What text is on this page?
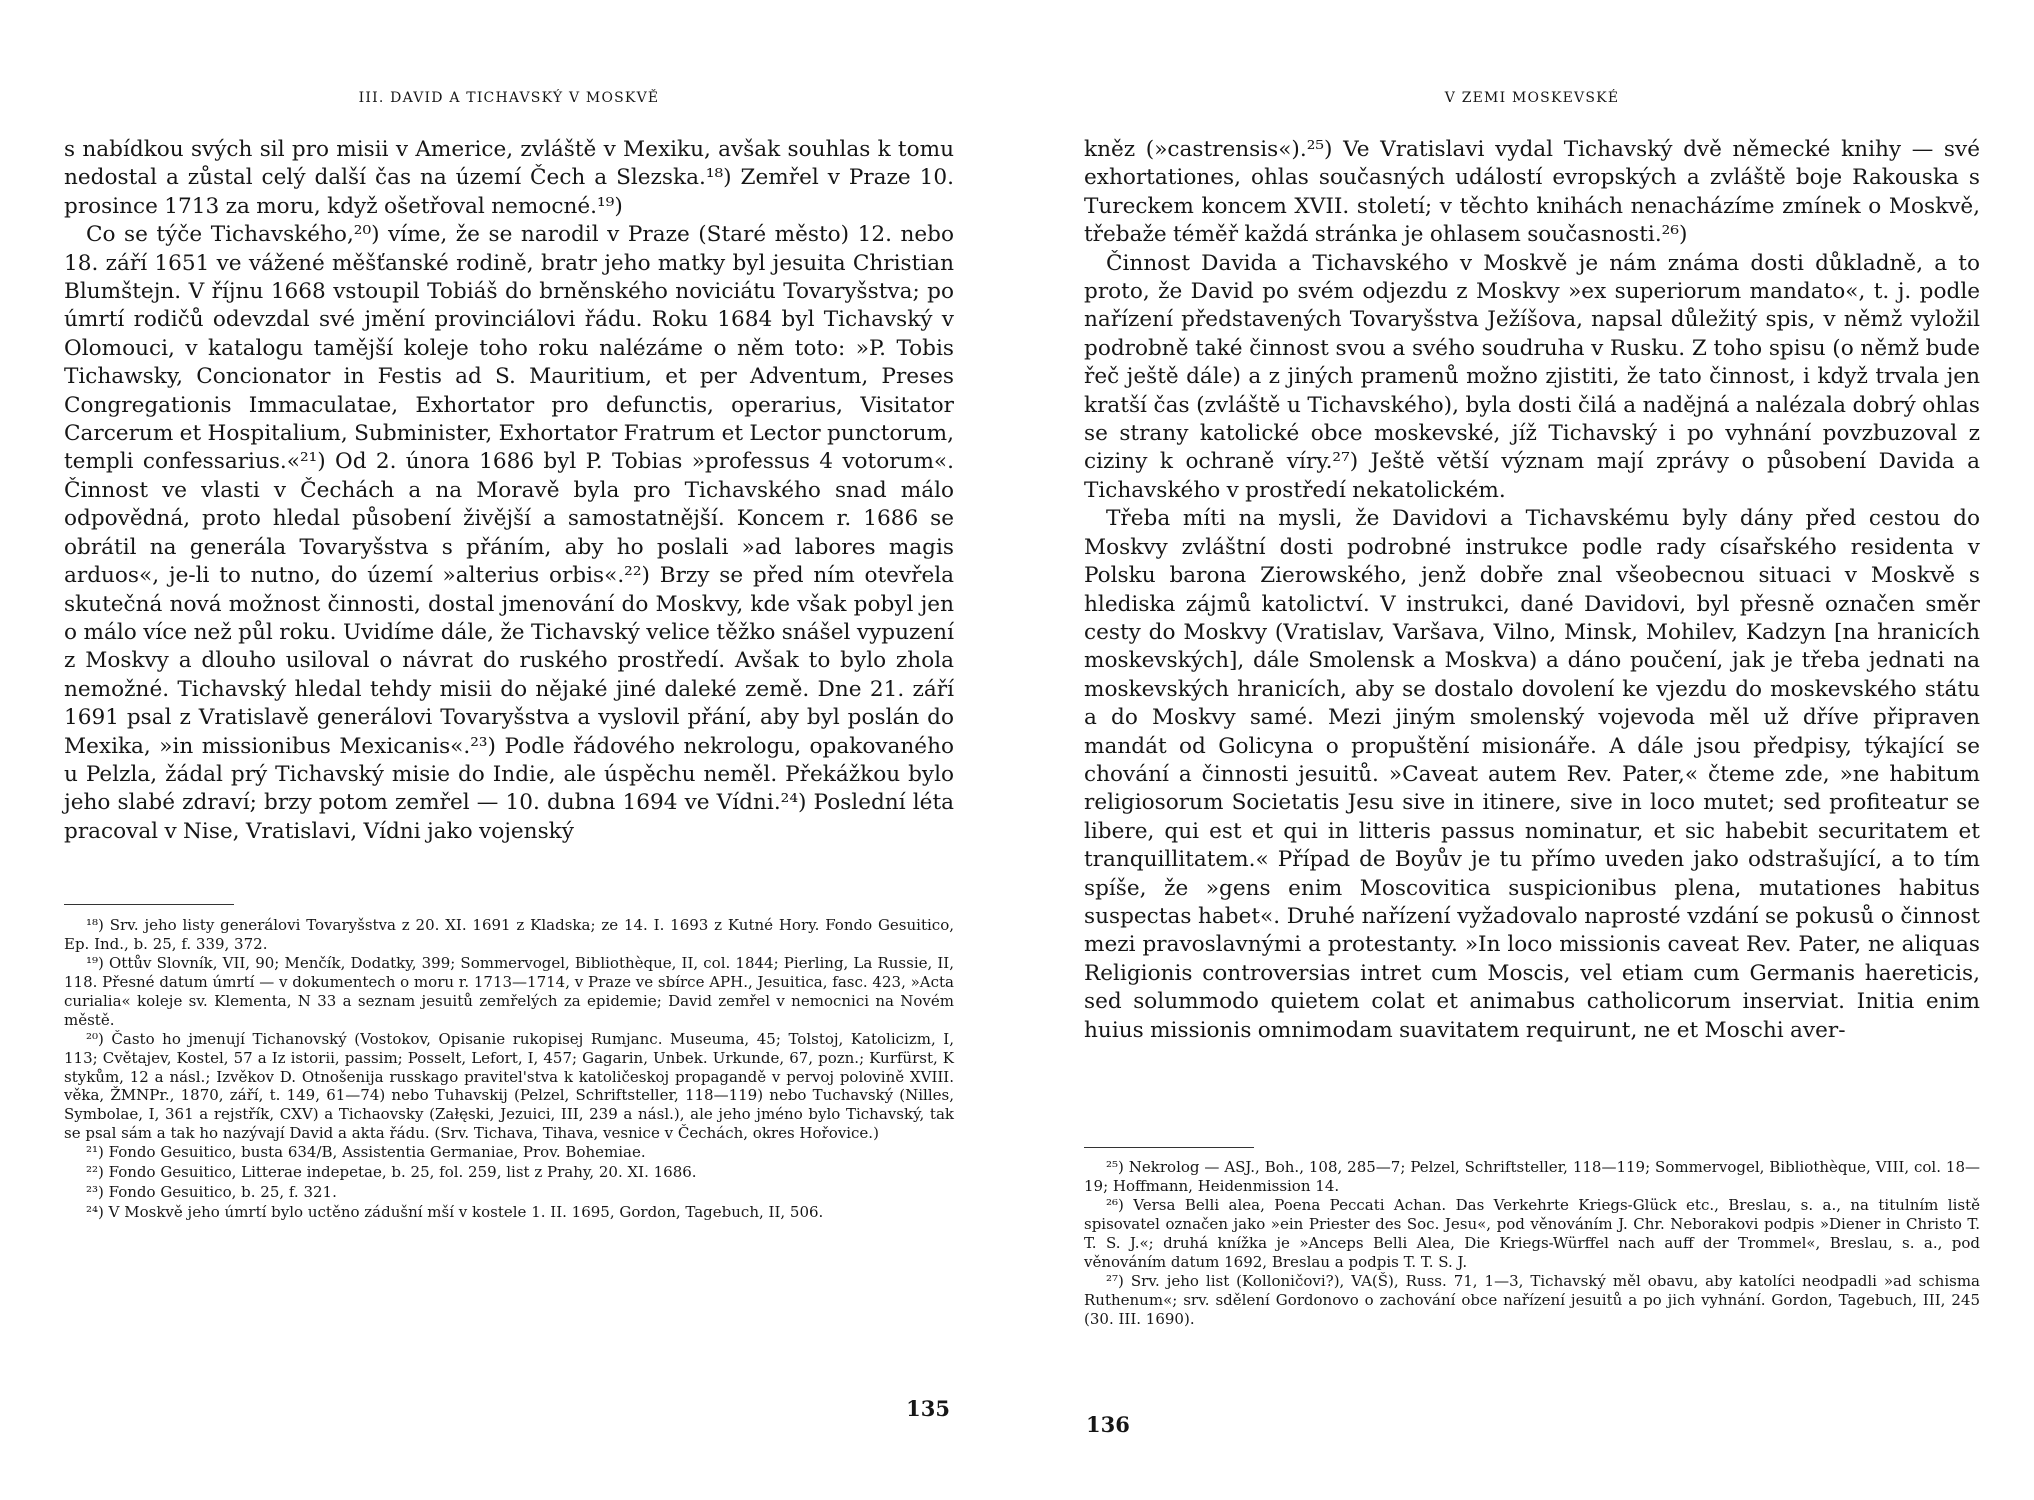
III. DAVID A TICHAVSKÝ V MOSKVĚ

s nabídkou svých sil pro misii v Americe, zvláště v Mexiku, avšak souhlas k tomu nedostal a zůstal celý další čas na území Čech a Slezska.¹⁸) Zemřel v Praze 10. prosince 1713 za moru, když ošetřoval nemocné.¹⁹)

Co se týče Tichavského,²⁰) víme, že se narodil v Praze (Staré město) 12. nebo 18. září 1651 ve vážené měšťanské rodině, bratr jeho matky byl jesuita Christian Blumštejn. V říjnu 1668 vstoupil Tobiáš do brněnského noviciátu Tovaryšstva; po úmrtí rodičů odevzdal své jmění provinciálovi řádu. Roku 1684 byl Tichavský v Olomouci, v katalogu tamější koleje toho roku nalézáme o něm toto: »P. Tobis Tichawsky, Concionator in Festis ad S. Mauritium, et per Adventum, Preses Congregationis Immaculatae, Exhortator pro defunctis, operarius, Visitator Carcerum et Hospitalium, Subminister, Exhortator Fratrum et Lector punctorum, templi confessarius.«²¹) Od 2. února 1686 byl P. Tobias »professus 4 votorum«. Činnost ve vlasti v Čechách a na Moravě byla pro Tichavského snad málo odpovědná, proto hledal působení živější a samostatnější. Koncem r. 1686 se obrátil na generála Tovaryšstva s přáním, aby ho poslali »ad labores magis arduos«, je-li to nutno, do území »alterius orbis«.²²) Brzy se před ním otevřela skutečná nová možnost činnosti, dostal jmenování do Moskvy, kde však pobyl jen o málo více než půl roku. Uvidíme dále, že Tichavský velice těžko snášel vypuzení z Moskvy a dlouho usiloval o návrat do ruského prostředí. Avšak to bylo zhola nemožné. Tichavský hledal tehdy misii do nějaké jiné daleké země. Dne 21. září 1691 psal z Vratislavě generálovi Tovaryšstva a vyslovil přání, aby byl poslán do Mexika, »in missionibus Mexicanis«.²³) Podle řádového nekrologu, opakovaného u Pelzla, žádal prý Tichavský misie do Indie, ale úspěchu neměl. Překážkou bylo jeho slabé zdraví; brzy potom zemřel — 10. dubna 1694 ve Vídni.²⁴) Poslední léta pracoval v Nise, Vratislavi, Vídni jako vojenský

¹⁸) Srv. jeho listy generálovi Tovaryšstva z 20. XI. 1691 z Kladska; ze 14. I. 1693 z Kutné Hory. Fondo Gesuitico, Ep. Ind., b. 25, f. 339, 372.

¹⁹) Ottův Slovník, VII, 90; Menčík, Dodatky, 399; Sommervogel, Bibliothèque, II, col. 1844; Pierling, La Russie, II, 118. Přesné datum úmrtí — v dokumentech o moru r. 1713—1714, v Praze ve sbírce APH., Jesuitica, fasc. 423, »Acta curialia« koleje sv. Klementa, N 33 a seznam jesuitů zemřelých za epidemie; David zemřel v nemocnici na Novém městě.

²⁰) Často ho jmenují Tichanovský (Vostokov, Opisanie rukopisej Rumjanc. Museuma, 45; Tolstoj, Katolicizm, I, 113; Cvětajev, Kostel, 57 a Iz istorii, passim; Posselt, Lefort, I, 457; Gagarin, Unbek. Urkunde, 67, pozn.; Kurfürst, K stykům, 12 a násl.; Izvěkov D. Otnošenija russkago pravitel'stva k katoličeskoj propagandě v pervoj polovině XVIII. věka, ŽMNPr., 1870, září, t. 149, 61—74) nebo Tuhavskij (Pelzel, Schriftsteller, 118—119) nebo Tuchavský (Nilles, Symbolae, I, 361 a rejstřík, CXV) a Tichaovsky (Załęski, Jezuici, III, 239 a násl.), ale jeho jméno bylo Tichavský, tak se psal sám a tak ho nazývají David a akta řádu. (Srv. Tichava, Tihava, vesnice v Čechách, okres Hořovice.)

²¹) Fondo Gesuitico, busta 634/B, Assistentia Germaniae, Prov. Bohemiae.

²²) Fondo Gesuitico, Litterae indepetae, b. 25, fol. 259, list z Prahy, 20. XI. 1686.

²³) Fondo Gesuitico, b. 25, f. 321.

²⁴) V Moskvě jeho úmrtí bylo uctěno zádušní mší v kostele 1. II. 1695, Gordon, Tagebuch, II, 506.

135
V ZEMI MOSKEVSKÉ

kněz (»castrensis«).²⁵) Ve Vratislavi vydal Tichavský dvě německé knihy — své exhortationes, ohlas současných událostí evropských a zvláště boje Rakouska s Tureckem koncem XVII. století; v těchto knihách nenacházíme zmínek o Moskvě, třebaže téměř každá stránka je ohlasem současnosti.²⁶)

Činnost Davida a Tichavského v Moskvě je nám známa dosti důkladně, a to proto, že David po svém odjezdu z Moskvy »ex superiorum mandato«, t. j. podle nařízení představených Tovaryšstva Ježíšova, napsal důležitý spis, v němž vyložil podrobně také činnost svou a svého soudruha v Rusku. Z toho spisu (o němž bude řeč ještě dále) a z jiných pramenů možno zjistiti, že tato činnost, i když trvala jen kratší čas (zvláště u Tichavského), byla dosti čilá a nadějná a nalézala dobrý ohlas se strany katolické obce moskevské, jíž Tichavský i po vyhnání povzbuzoval z ciziny k ochraně víry.²⁷) Ještě větší význam mají zprávy o působení Davida a Tichavského v prostředí nekatolickém.

Třeba míti na mysli, že Davidovi a Tichavskému byly dány před cestou do Moskvy zvláštní dosti podrobné instrukce podle rady císařského residenta v Polsku barona Zierowského, jenž dobře znal všeobecnou situaci v Moskvě s hlediska zájmů katolictví. V instrukci, dané Davidovi, byl přesně označen směr cesty do Moskvy (Vratislav, Varšava, Vilno, Minsk, Mohilev, Kadzyn [na hranicích moskevských], dále Smolensk a Moskva) a dáno poučení, jak je třeba jednati na moskevských hranicích, aby se dostalo dovolení ke vjezdu do moskevského státu a do Moskvy samé. Mezi jiným smolenský vojevoda měl už dříve připraven mandát od Golicyna o propuštění misionáře. A dále jsou předpisy, týkající se chování a činnosti jesuitů. »Caveat autem Rev. Pater,« čteme zde, »ne habitum religiosorum Societatis Jesu sive in itinere, sive in loco mutet; sed profiteatur se libere, qui est et qui in litteris passus nominatur, et sic habebit securitatem et tranquillitatem.« Případ de Boyův je tu přímo uveden jako odstrašující, a to tím spíše, že »gens enim Moscovitica suspicionibus plena, mutationes habitus suspectas habet«. Druhé nařízení vyžadovalo naprosté vzdání se pokusů o činnost mezi pravoslavnými a protestanty. »In loco missionis caveat Rev. Pater, ne aliquas Religionis controversias intret cum Moscis, vel etiam cum Germanis haereticis, sed solummodo quietem colat et animabus catholicorum inserviat. Initia enim huius missionis omnimodam suavitatem requirunt, ne et Moschi aver-

²⁵) Nekrolog — ASJ., Boh., 108, 285—7; Pelzel, Schriftsteller, 118—119; Sommervogel, Bibliothèque, VIII, col. 18—19; Hoffmann, Heidenmission 14.

²⁶) Versa Belli alea, Poena Peccati Achan. Das Verkehrte Kriegs-Glück etc., Breslau, s. a., na titulním listě spisovatel označen jako »ein Priester des Soc. Jesu«, pod věnováním J. Chr. Neborakovi podpis »Diener in Christo T. T. S. J.«; druhá knížka je »Anceps Belli Alea, Die Kriegs-Würffel nach auff der Trommel«, Breslau, s. a., pod věnováním datum 1692, Breslau a podpis T. T. S. J.

²⁷) Srv. jeho list (Kolloničovi?), VA(Š), Russ. 71, 1—3, Tichavský měl obavu, aby katolíci neodpadli »ad schisma Ruthenum«; srv. sdělení Gordonovo o zachování obce nařízení jesuitů a po jich vyhnání. Gordon, Tagebuch, III, 245 (30. III. 1690).

136
